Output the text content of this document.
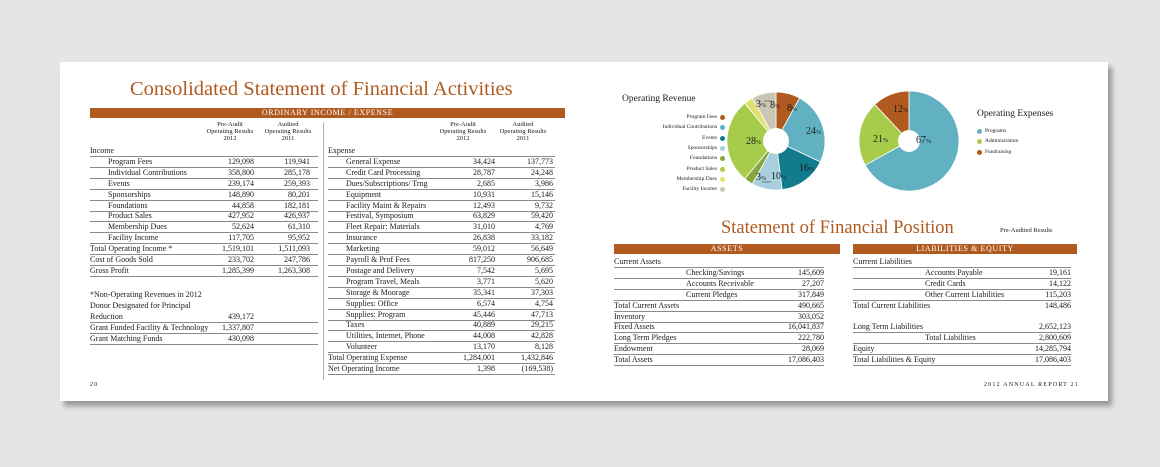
Consolidated Statement of Financial Activities
ORDINARY INCOME / EXPENSE
Pre-Audit
Operating Results
2012
Audited
Operating Results
2011
Pre-Audit
Operating Results
2012
Audited
Operating Results
2011
Income
Program Fees	129,098	119,941
Individual Contributions	358,800	285,178
Events	239,174	259,393
Sponsorships	148,890	80,201
Foundations	44,858	182,181
Product Sales	427,952	426,937
Membership Dues	52,624	61,310
Facility Income	117,705	95,952
Total Operating Income *	1,519,101	1,511,093
Cost of Goods Sold	233,702	247,786
Gross Profit	1,285,399	1,263,308
*Non-Operating Revenues in 2012
Donor Designated for Principal
Reduction	439,172
Grant Funded Facility & Technology 1,337,807
Grant Matching Funds	430,098
Expense
General Expense	34,424	137,773
Credit Card Processing	28,787	24,248
Dues/Subscriptions/ Trng	2,685	3,986
Equipment	10,931	15,146
Facility Maint & Repairs	12,493	9,732
Festival, Symposium	63,829	59,420
Fleet Repair: Materials	31,010	4,769
Insurance	26,838	33,182
Marketing	59,012	56,649
Payroll & Prof Fees	817,250	906,685
Postage and Delivery	7,542	5,695
Program Travel, Meals	3,771	5,620
Storage & Moorage	35,341	37,303
Supplies: Office	6,574	4,754
Supplies: Program	45,446	47,713
Taxes	40,889	29,215
Utilities, Internet, Phone	44,008	42,828
Volunteer	13,170	8,128
Total Operating Expense	1,284,001	1,432,846
Net Operating Income	1,398	(169,538)
20
Operating Revenue
Program Fees
Individual Contributions
Events
Sponsorships
Foundations
Product Sales
Membership Dues
Facility Income
8%
24%
16%
10%
3%
28%
3% 8%
67%
21%
12%	Operating Expenses
Programs
Administration
Fundraising
Statement of Financial Position	Pre-Audited Results
ASSETS	LIABILITIES & EQUITY
Current Assets
Checking/Savings	145,609
Accounts Receivable	27,207
Current Pledges	317,849
Total Current Assets	490,665
Inventory	303,052
Fixed Assets	16,041,837
Long Term Pledges	222,780
Endowment	28,069
Total Assets	17,086,403
Current Liabilities
Accounts Payable	19,161
Credit Cards	14,122
Other Current Liabilities	115,203
Total Current Liabilities	148,486
Long Term Liabilities	2,652,123
Total Liabilities	2,800,609
Equity	14,285,794
Total Liabilities & Equity	17,086,403
2012 ANNUAL REPORT 21
